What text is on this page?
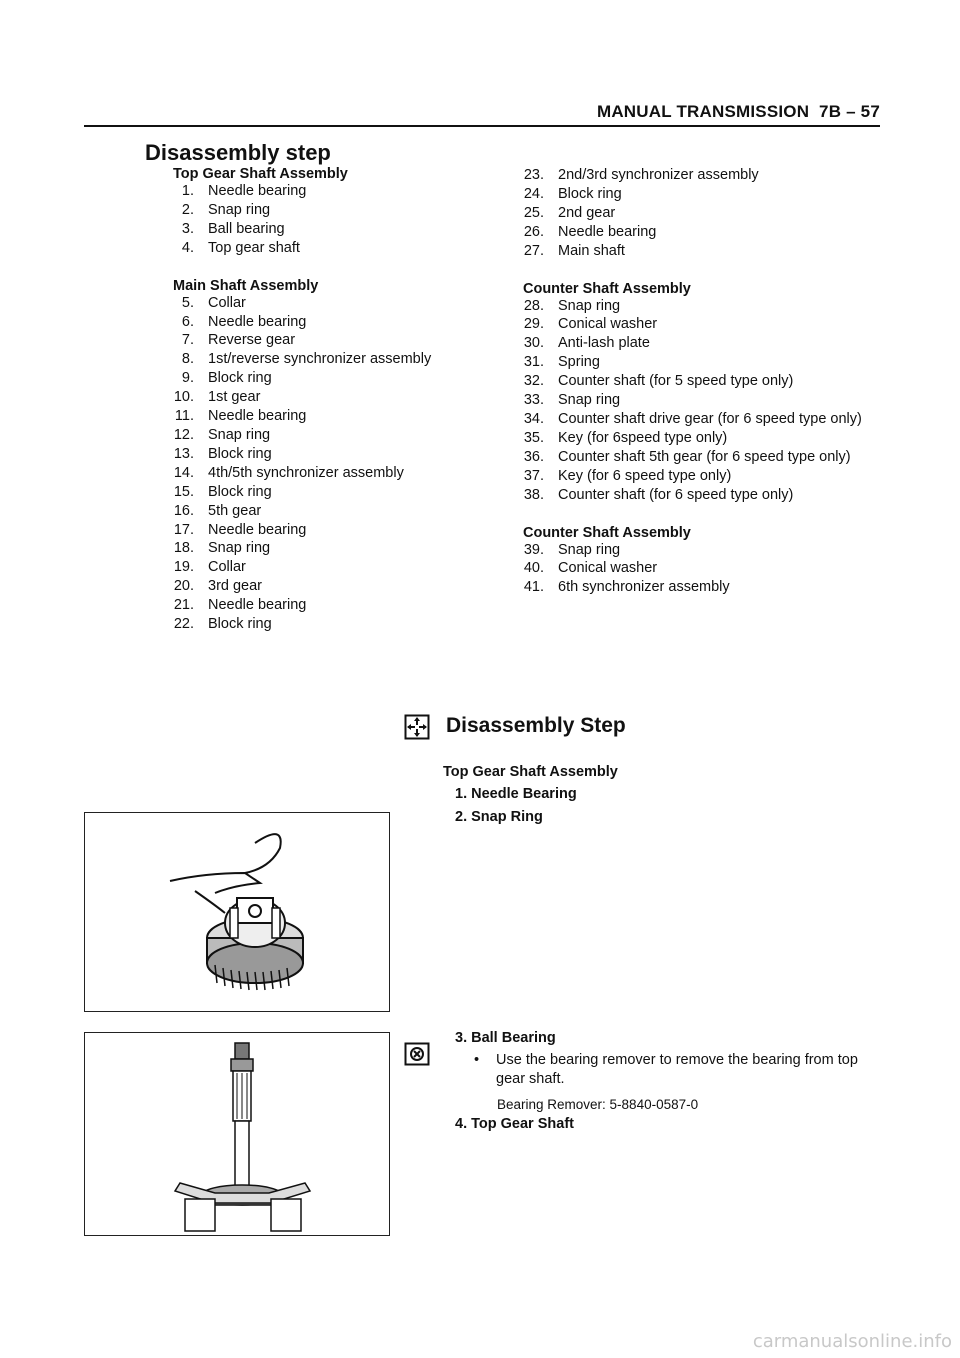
MANUAL TRANSMISSION 7B – 57
Disassembly step
Top Gear Shaft Assembly
1. Needle bearing
2. Snap ring
3. Ball bearing
4. Top gear shaft
Main Shaft Assembly
5. Collar
6. Needle bearing
7. Reverse gear
8. 1st/reverse synchronizer assembly
9. Block ring
10. 1st gear
11. Needle bearing
12. Snap ring
13. Block ring
14. 4th/5th synchronizer assembly
15. Block ring
16. 5th gear
17. Needle bearing
18. Snap ring
19. Collar
20. 3rd gear
21. Needle bearing
22. Block ring
23. 2nd/3rd synchronizer assembly
24. Block ring
25. 2nd gear
26. Needle bearing
27. Main shaft
Counter Shaft Assembly
28. Snap ring
29. Conical washer
30. Anti-lash plate
31. Spring
32. Counter shaft (for 5 speed type only)
33. Snap ring
34. Counter shaft drive gear (for 6 speed type only)
35. Key (for 6speed type only)
36. Counter shaft 5th gear (for 6 speed type only)
37. Key (for 6 speed type only)
38. Counter shaft (for 6 speed type only)
Counter Shaft Assembly
39. Snap ring
40. Conical washer
41. 6th synchronizer assembly
Disassembly Step
Top Gear Shaft Assembly
1. Needle Bearing
2. Snap Ring
3. Ball Bearing
•	Use the bearing remover to remove the bearing from top gear shaft.
Bearing Remover: 5-8840-0587-0
4. Top Gear Shaft
carmanualsonline.info
